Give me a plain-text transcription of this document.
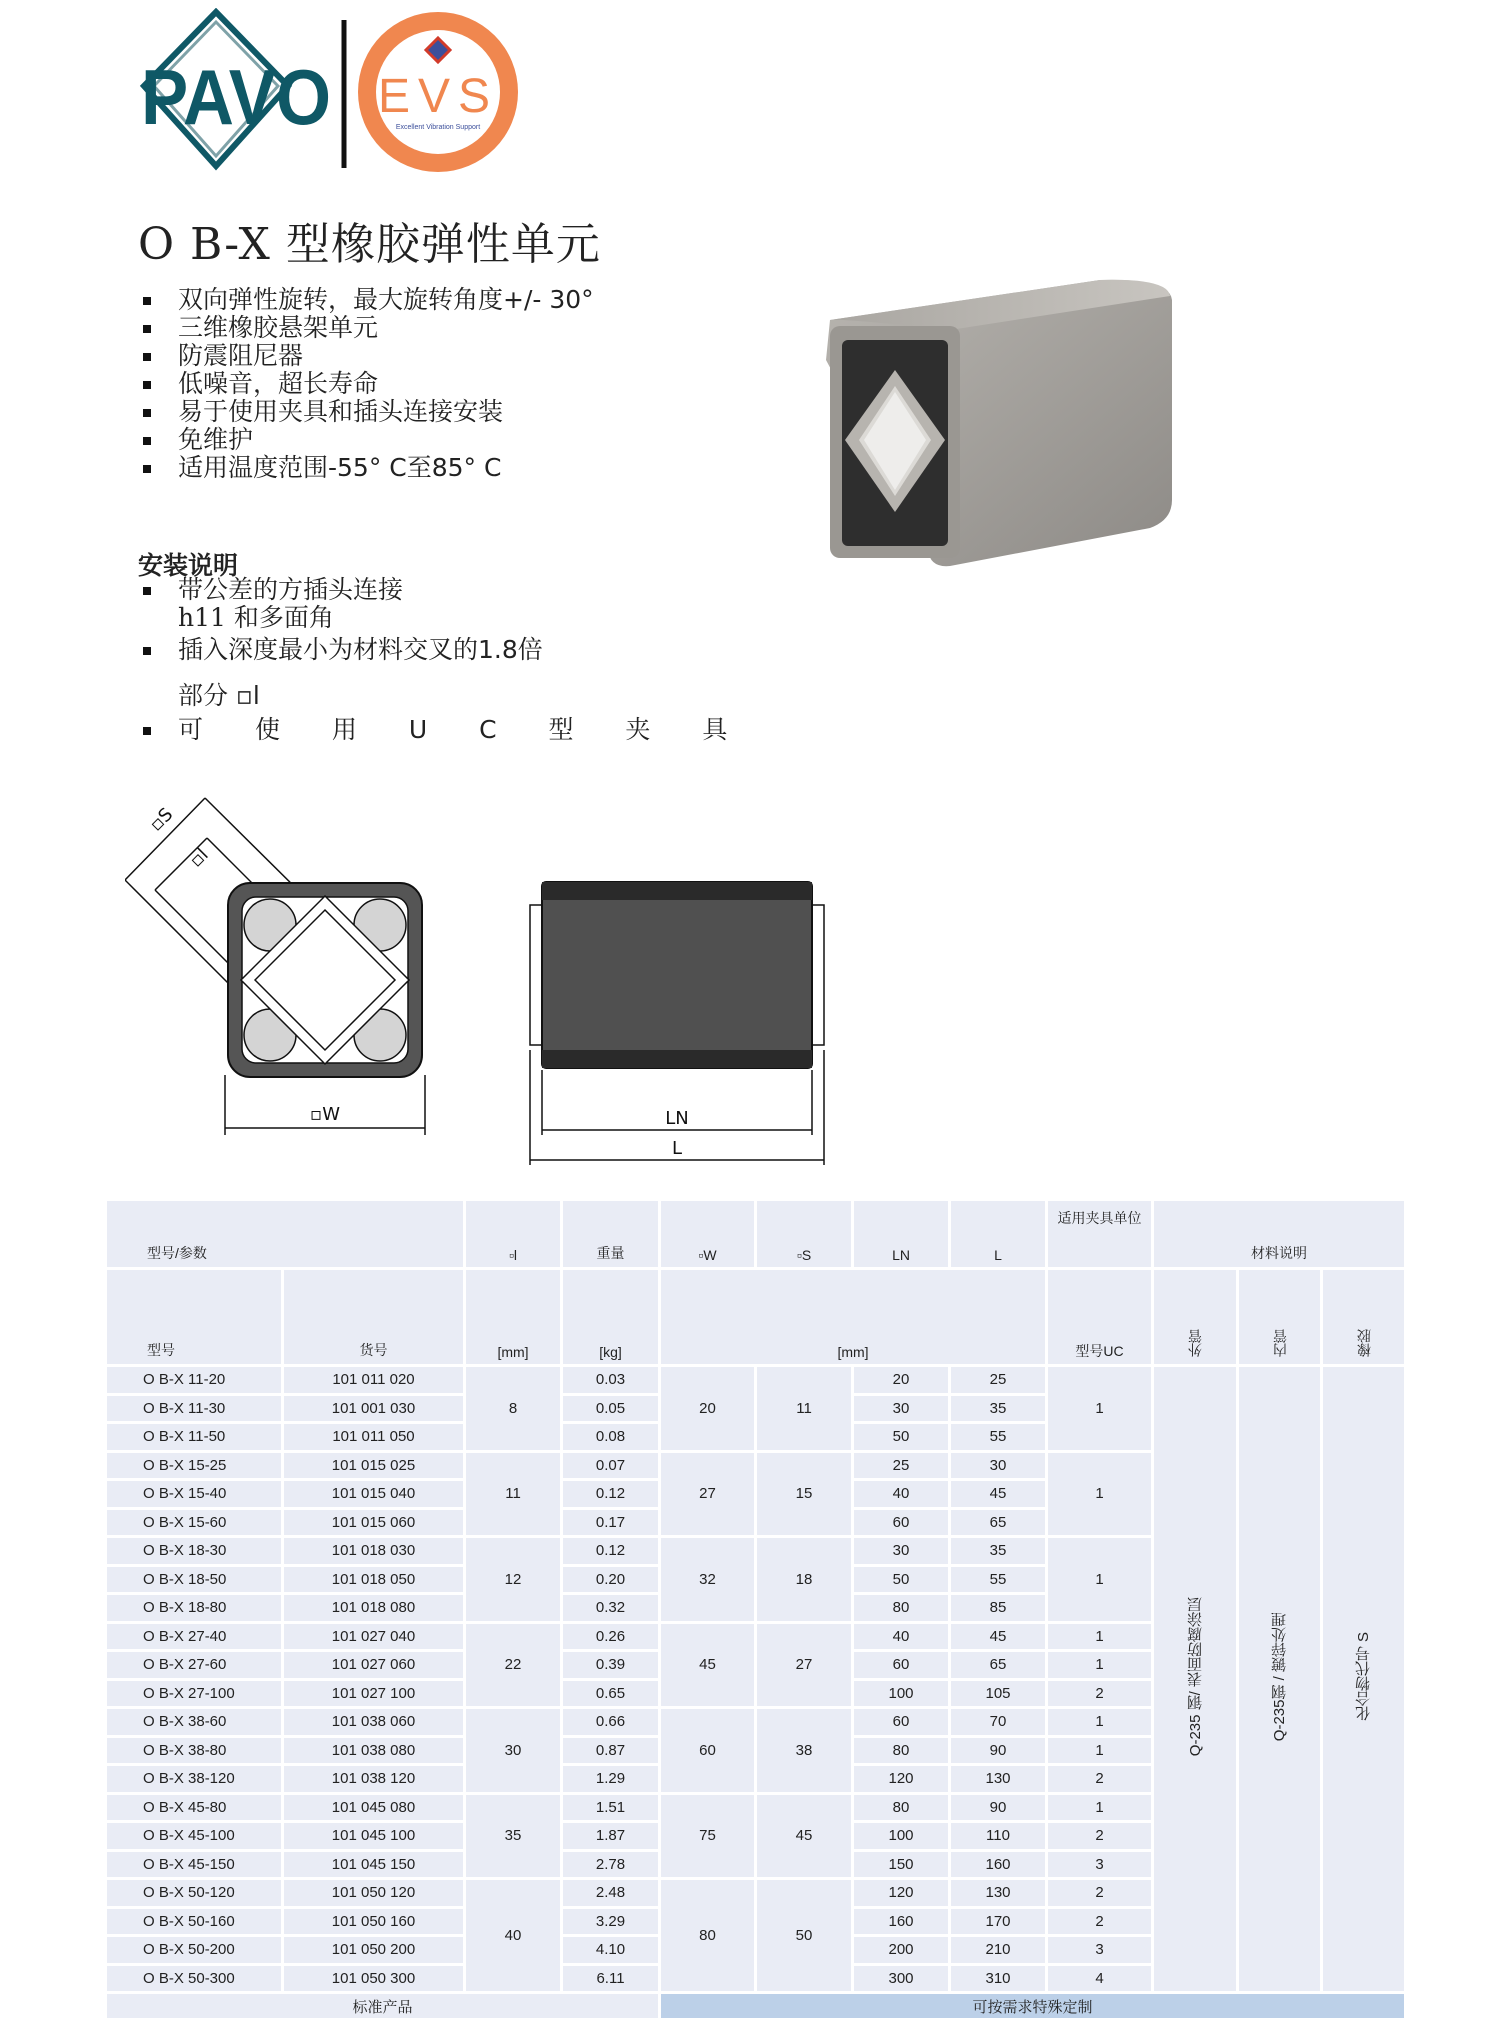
PAVO EVS
Excellent Vibration Support
O B-X 型橡胶弹性单元
双向弹性旋转，最大旋转角度+/- 30°
三维橡胶悬架单元
防震阻尼器
低噪音，超长寿命
易于使用夹具和插头连接安装
免维护
适用温度范围-55° C至85° C
安装说明
带公差的方插头连接
h11 和多面角
插入深度最小为材料交叉的1.8倍
部分 ▫l
可 使 用 U C 型 夹 具
▫S
▫l
▫W	LN
L
型号/参数		▫l	重量	▫W	▫S	LN	L	适用夹具单位	材料说明		
型号	货号	[mm]	[kg]	[mm]				型号UC	外管	内管	橡胶
O B-X 11-20	101 011 020	8	0.03	20	11	20	25	1	Q-235 钢/ 表面防腐涂层	Q-235钢 / 镀锌处理	化合物代号 S
O B-X 11-30	101 001 030		0.05			30	35				
O B-X 11-50	101 011 050		0.08			50	55				
O B-X 15-25	101 015 025	11	0.07	27	15	25	30	1			
O B-X 15-40	101 015 040		0.12			40	45				
O B-X 15-60	101 015 060		0.17			60	65				
O B-X 18-30	101 018 030	12	0.12	32	18	30	35	1			
O B-X 18-50	101 018 050		0.20			50	55				
O B-X 18-80	101 018 080		0.32			80	85				
O B-X 27-40	101 027 040	22	0.26	45	27	40	45	1			
O B-X 27-60	101 027 060		0.39			60	65	1			
O B-X 27-100	101 027 100		0.65			100	105	2			
O B-X 38-60	101 038 060	30	0.66	60	38	60	70	1			
O B-X 38-80	101 038 080		0.87			80	90	1			
O B-X 38-120	101 038 120		1.29			120	130	2			
O B-X 45-80	101 045 080	35	1.51	75	45	80	90	1			
O B-X 45-100	101 045 100		1.87			100	110	2			
O B-X 45-150	101 045 150		2.78			150	160	3			
O B-X 50-120	101 050 120	40	2.48	80	50	120	130	2			
O B-X 50-160	101 050 160		3.29			160	170	2			
O B-X 50-200	101 050 200		4.10			200	210	3			
O B-X 50-300	101 050 300		6.11			300	310	4			
标准产品				可按需求特殊定制							
